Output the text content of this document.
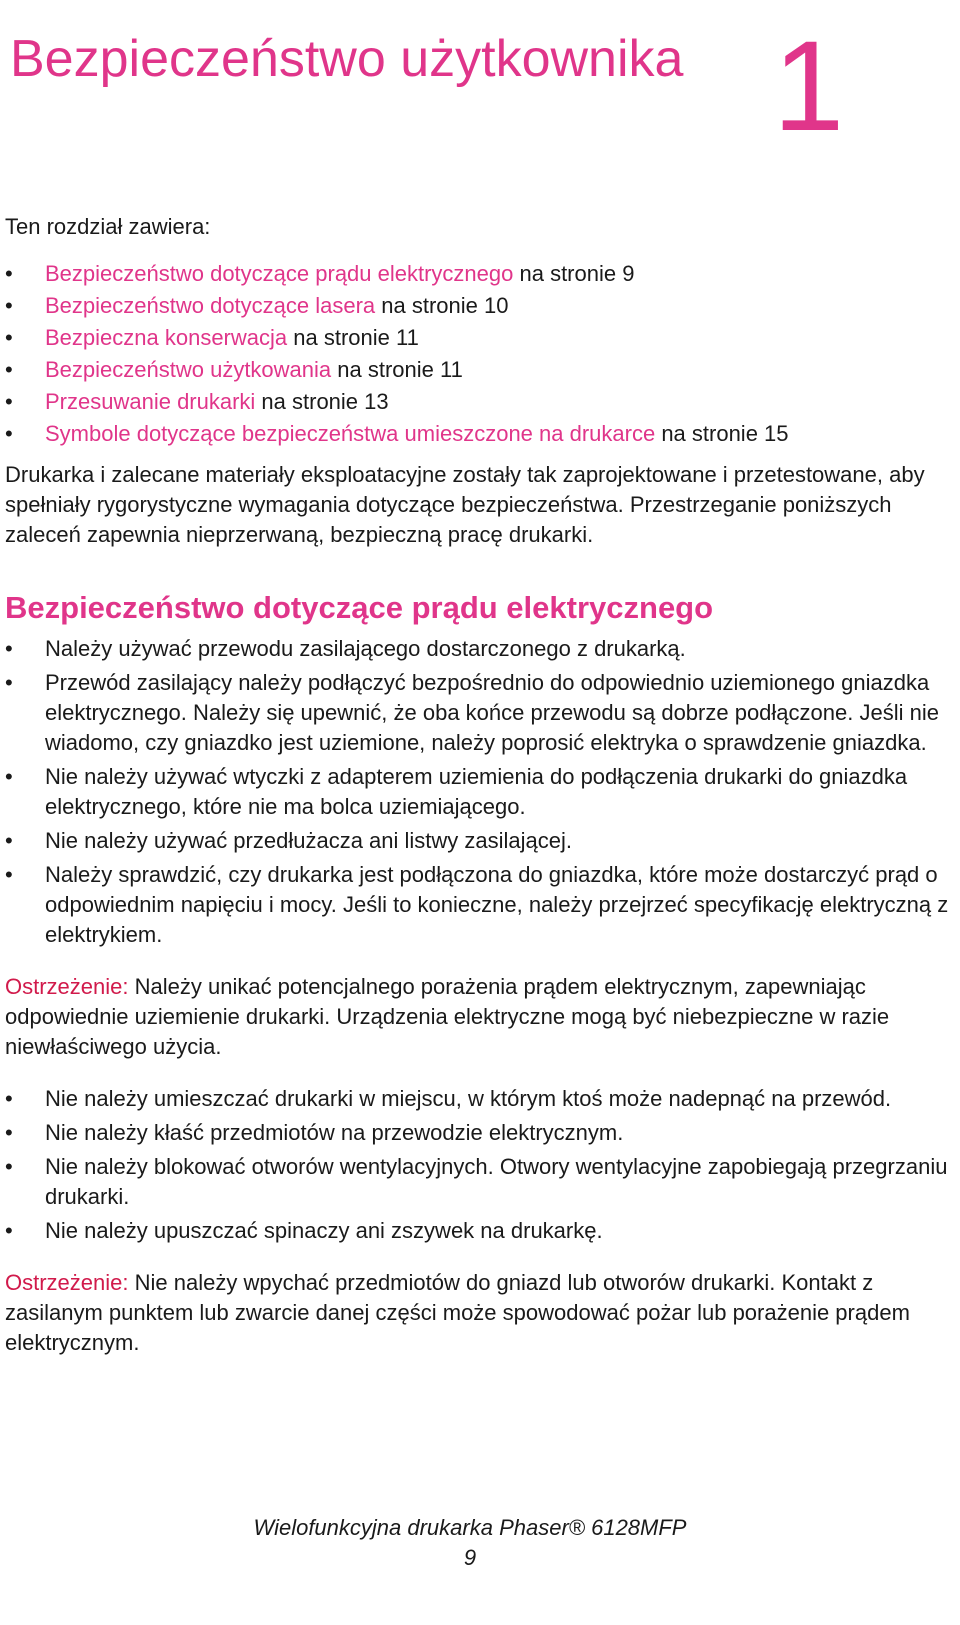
Bezpieczeństwo użytkownika 1

Ten rozdział zawiera:

• Bezpieczeństwo dotyczące prądu elektrycznego na stronie 9
• Bezpieczeństwo dotyczące lasera na stronie 10
• Bezpieczna konserwacja na stronie 11
• Bezpieczeństwo użytkowania na stronie 11
• Przesuwanie drukarki na stronie 13
• Symbole dotyczące bezpieczeństwa umieszczone na drukarce na stronie 15

Drukarka i zalecane materiały eksploatacyjne zostały tak zaprojektowane i przetestowane, aby spełniały rygorystyczne wymagania dotyczące bezpieczeństwa. Przestrzeganie poniższych zaleceń zapewnia nieprzerwaną, bezpieczną pracę drukarki.

Bezpieczeństwo dotyczące prądu elektrycznego
• Należy używać przewodu zasilającego dostarczonego z drukarką.
• Przewód zasilający należy podłączyć bezpośrednio do odpowiednio uziemionego gniazdka elektrycznego. Należy się upewnić, że oba końce przewodu są dobrze podłączone. Jeśli nie wiadomo, czy gniazdko jest uziemione, należy poprosić elektryka o sprawdzenie gniazdka.
• Nie należy używać wtyczki z adapterem uziemienia do podłączenia drukarki do gniazdka elektrycznego, które nie ma bolca uziemiającego.
• Nie należy używać przedłużacza ani listwy zasilającej.
• Należy sprawdzić, czy drukarka jest podłączona do gniazdka, które może dostarczyć prąd o odpowiednim napięciu i mocy. Jeśli to konieczne, należy przejrzeć specyfikację elektryczną z elektrykiem.

Ostrzeżenie: Należy unikać potencjalnego porażenia prądem elektrycznym, zapewniając odpowiednie uziemienie drukarki. Urządzenia elektryczne mogą być niebezpieczne w razie niewłaściwego użycia.

• Nie należy umieszczać drukarki w miejscu, w którym ktoś może nadepnąć na przewód.
• Nie należy kłaść przedmiotów na przewodzie elektrycznym.
• Nie należy blokować otworów wentylacyjnych. Otwory wentylacyjne zapobiegają przegrzaniu drukarki.
• Nie należy upuszczać spinaczy ani zszywek na drukarkę.

Ostrzeżenie: Nie należy wpychać przedmiotów do gniazd lub otworów drukarki. Kontakt z zasilanym punktem lub zwarcie danej części może spowodować pożar lub porażenie prądem elektrycznym.

Wielofunkcyjna drukarka Phaser® 6128MFP
9
